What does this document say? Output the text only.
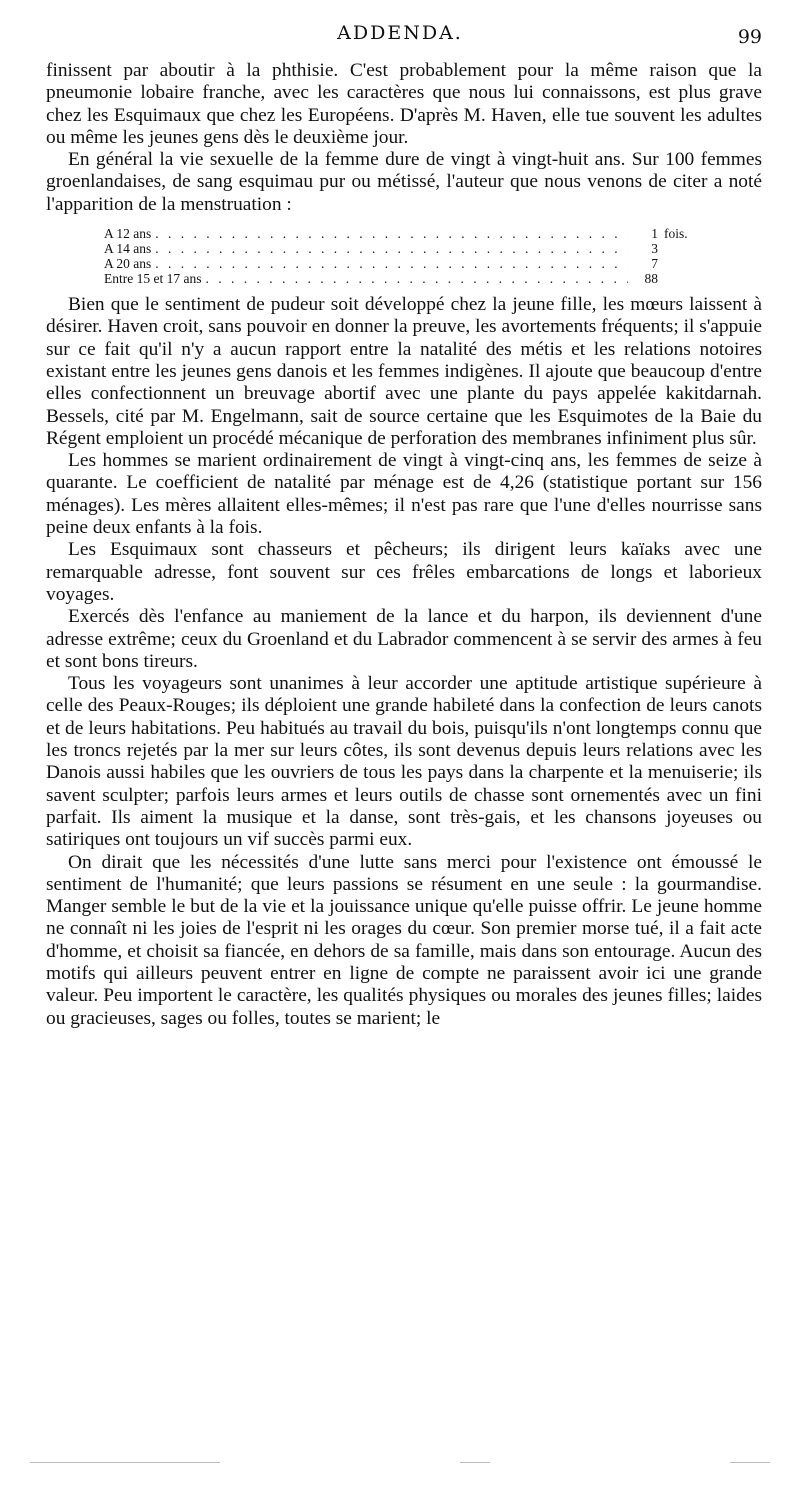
ADDENDA.	99

finissent par aboutir à la phthisie. C'est probablement pour la même raison que la pneumonie lobaire franche, avec les caractères que nous lui connaissons, est plus grave chez les Esquimaux que chez les Européens. D'après M. Haven, elle tue souvent les adultes ou même les jeunes gens dès le deuxième jour.

En général la vie sexuelle de la femme dure de vingt à vingt-huit ans. Sur 100 femmes groenlandaises, de sang esquimau pur ou métissé, l'auteur que nous venons de citer a noté l'apparition de la menstruation :

A 12 ans . . .	1 fois.
A 14 ans . . .	3
A 20 ans . . .	7
Entre 15 et 17 ans . . .	88

Bien que le sentiment de pudeur soit développé chez la jeune fille, les mœurs laissent à désirer. Haven croit, sans pouvoir en donner la preuve, les avortements fréquents; il s'appuie sur ce fait qu'il n'y a aucun rapport entre la natalité des métis et les relations notoires existant entre les jeunes gens danois et les femmes indigènes. Il ajoute que beaucoup d'entre elles confectionnent un breuvage abortif avec une plante du pays appelée kakitdarnah. Bessels, cité par M. Engelmann, sait de source certaine que les Esquimotes de la Baie du Régent emploient un procédé mécanique de perforation des membranes infiniment plus sûr.

Les hommes se marient ordinairement de vingt à vingt-cinq ans, les femmes de seize à quarante. Le coefficient de natalité par ménage est de 4,26 (statistique portant sur 156 ménages). Les mères allaitent elles-mêmes; il n'est pas rare que l'une d'elles nourrisse sans peine deux enfants à la fois.

Les Esquimaux sont chasseurs et pêcheurs; ils dirigent leurs kaïaks avec une remarquable adresse, font souvent sur ces frêles embarcations de longs et laborieux voyages.

Exercés dès l'enfance au maniement de la lance et du harpon, ils deviennent d'une adresse extrême; ceux du Groenland et du Labrador commencent à se servir des armes à feu et sont bons tireurs.

Tous les voyageurs sont unanimes à leur accorder une aptitude artistique supérieure à celle des Peaux-Rouges; ils déploient une grande habileté dans la confection de leurs canots et de leurs habitations. Peu habitués au travail du bois, puisqu'ils n'ont longtemps connu que les troncs rejetés par la mer sur leurs côtes, ils sont devenus depuis leurs relations avec les Danois aussi habiles que les ouvriers de tous les pays dans la charpente et la menuiserie; ils savent sculpter; parfois leurs armes et leurs outils de chasse sont ornementés avec un fini parfait. Ils aiment la musique et la danse, sont très-gais, et les chansons joyeuses ou satiriques ont toujours un vif succès parmi eux.

On dirait que les nécessités d'une lutte sans merci pour l'existence ont émoussé le sentiment de l'humanité; que leurs passions se résument en une seule : la gourmandise. Manger semble le but de la vie et la jouissance unique qu'elle puisse offrir. Le jeune homme ne connaît ni les joies de l'esprit ni les orages du cœur. Son premier morse tué, il a fait acte d'homme, et choisit sa fiancée, en dehors de sa famille, mais dans son entourage. Aucun des motifs qui ailleurs peuvent entrer en ligne de compte ne paraissent avoir ici une grande valeur. Peu importent le caractère, les qualités physiques ou morales des jeunes filles; laides ou gracieuses, sages ou folles, toutes se marient; le
